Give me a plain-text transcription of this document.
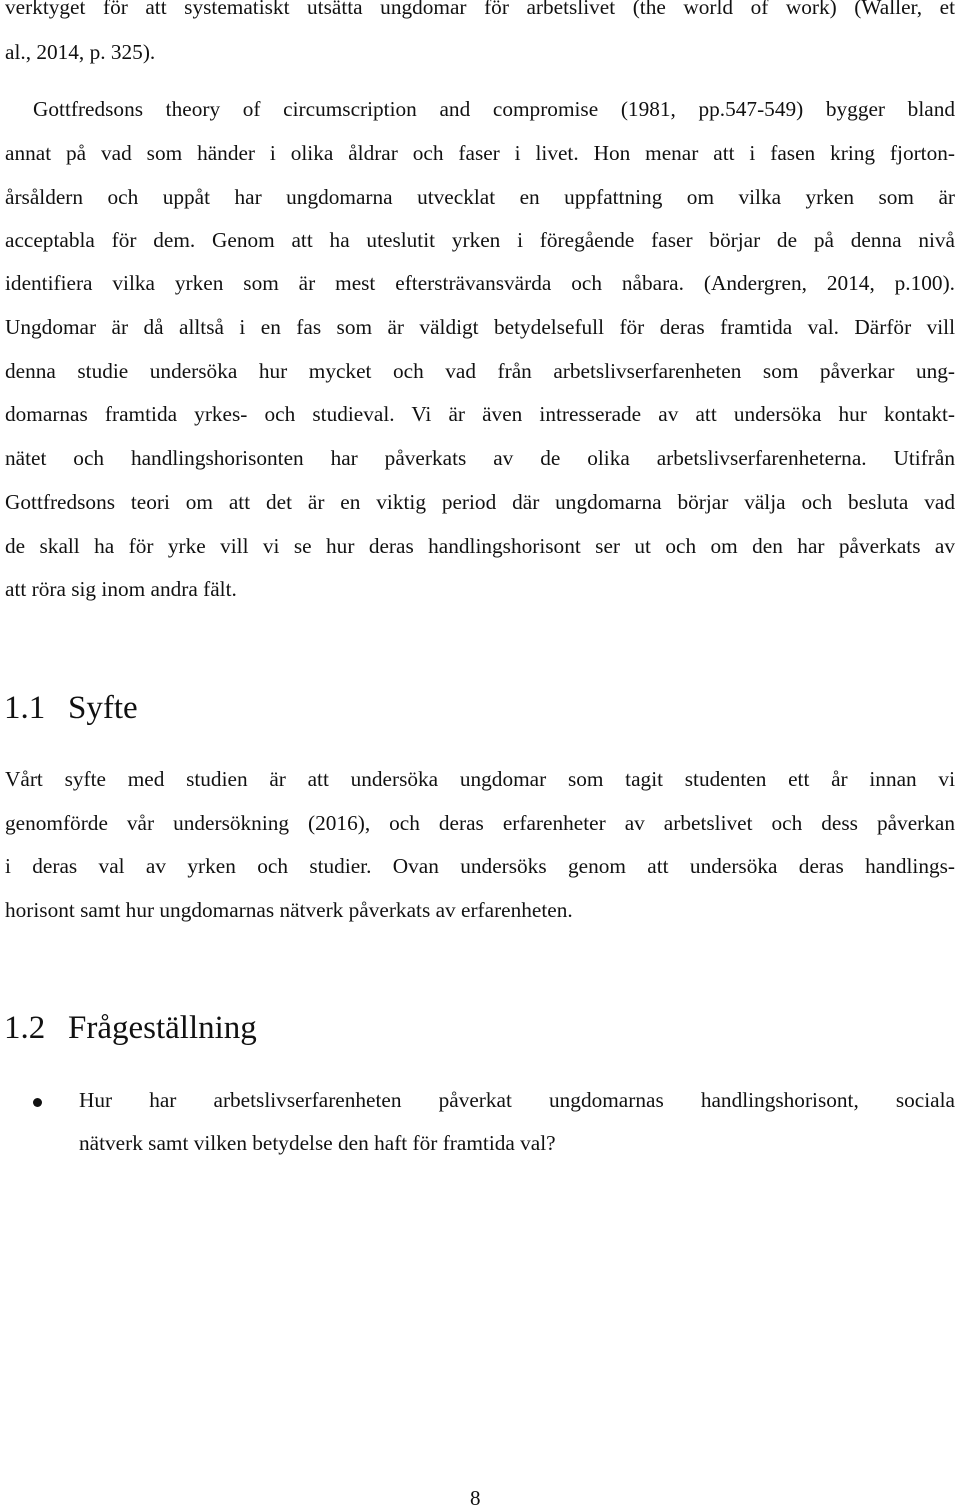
verktyget för att systematiskt utsätta ungdomar för arbetslivet (the world of work) (Waller, et
al., 2014, p. 325).
Gottfredsons theory of circumscription and compromise (1981, pp.547-549) bygger bland
annat på vad som händer i olika åldrar och faser i livet. Hon menar att i fasen kring fjorton-
årsåldern och uppåt har ungdomarna utvecklat en uppfattning om vilka yrken som är
acceptabla för dem. Genom att ha uteslutit yrken i föregående faser börjar de på denna nivå
identifiera vilka yrken som är mest eftersträvansvärda och nåbara. (Andergren, 2014, p.100).
Ungdomar är då alltså i en fas som är väldigt betydelsefull för deras framtida val. Därför vill
denna studie undersöka hur mycket och vad från arbetslivserfarenheten som påverkar ung-
domarnas framtida yrkes- och studieval. Vi är även intresserade av att undersöka hur kontakt-
nätet och handlingshorisonten har påverkats av de olika arbetslivserfarenheterna. Utifrån
Gottfredsons teori om att det är en viktig period där ungdomarna börjar välja och besluta vad
de skall ha för yrke vill vi se hur deras handlingshorisont ser ut och om den har påverkats av
att röra sig inom andra fält.
1.1 Syfte
Vårt syfte med studien är att undersöka ungdomar som tagit studenten ett år innan vi
genomförde vår undersökning (2016), och deras erfarenheter av arbetslivet och dess påverkan
i deras val av yrken och studier. Ovan undersöks genom att undersöka deras handlings-
horisont samt hur ungdomarnas nätverk påverkats av erfarenheten.
1.2 Frågeställning
Hur har arbetslivserfarenheten påverkat ungdomarnas handlingshorisont, sociala
nätverk samt vilken betydelse den haft för framtida val?
8
